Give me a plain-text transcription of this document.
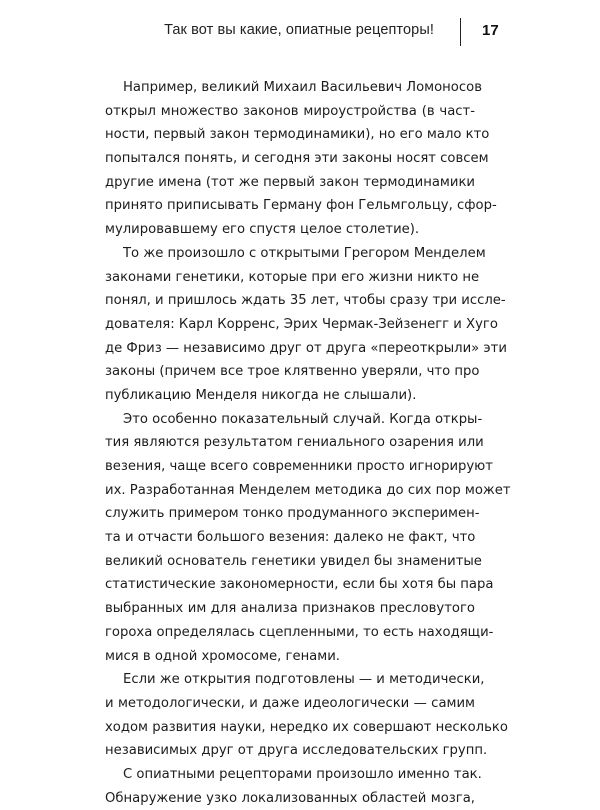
Так вот вы какие, опиатные рецепторы!	17
Например, великий Михаил Васильевич Ломоносов
открыл множество законов мироустройства (в част-
ности, первый закон термодинамики), но его мало кто
попытался понять, и сегодня эти законы носят совсем
другие имена (тот же первый закон термодинамики
принято приписывать Герману фон Гельмгольцу, сфор-
мулировавшему его спустя целое столетие).
То же произошло с открытыми Грегором Менделем
законами генетики, которые при его жизни никто не
понял, и пришлось ждать 35 лет, чтобы сразу три иссле-
дователя: Карл Корренс, Эрих Чермак-Зейзенегг и Хуго
де Фриз — независимо друг от друга «переоткрыли» эти
законы (причем все трое клятвенно уверяли, что про
публикацию Менделя никогда не слышали).
Это особенно показательный случай. Когда откры-
тия являются результатом гениального озарения или
везения, чаще всего современники просто игнорируют
их. Разработанная Менделем методика до сих пор может
служить примером тонко продуманного эксперимен-
та и отчасти большого везения: далеко не факт, что
великий основатель генетики увидел бы знаменитые
статистические закономерности, если бы хотя бы пара
выбранных им для анализа признаков пресловутого
гороха определялась сцепленными, то есть находящи-
мися в одной хромосоме, генами.
Если же открытия подготовлены — и методически,
и методологически, и даже идеологически — самим
ходом развития науки, нередко их совершают несколько
независимых друг от друга исследовательских групп.
С опиатными рецепторами произошло именно так.
Обнаружение узко локализованных областей мозга,
